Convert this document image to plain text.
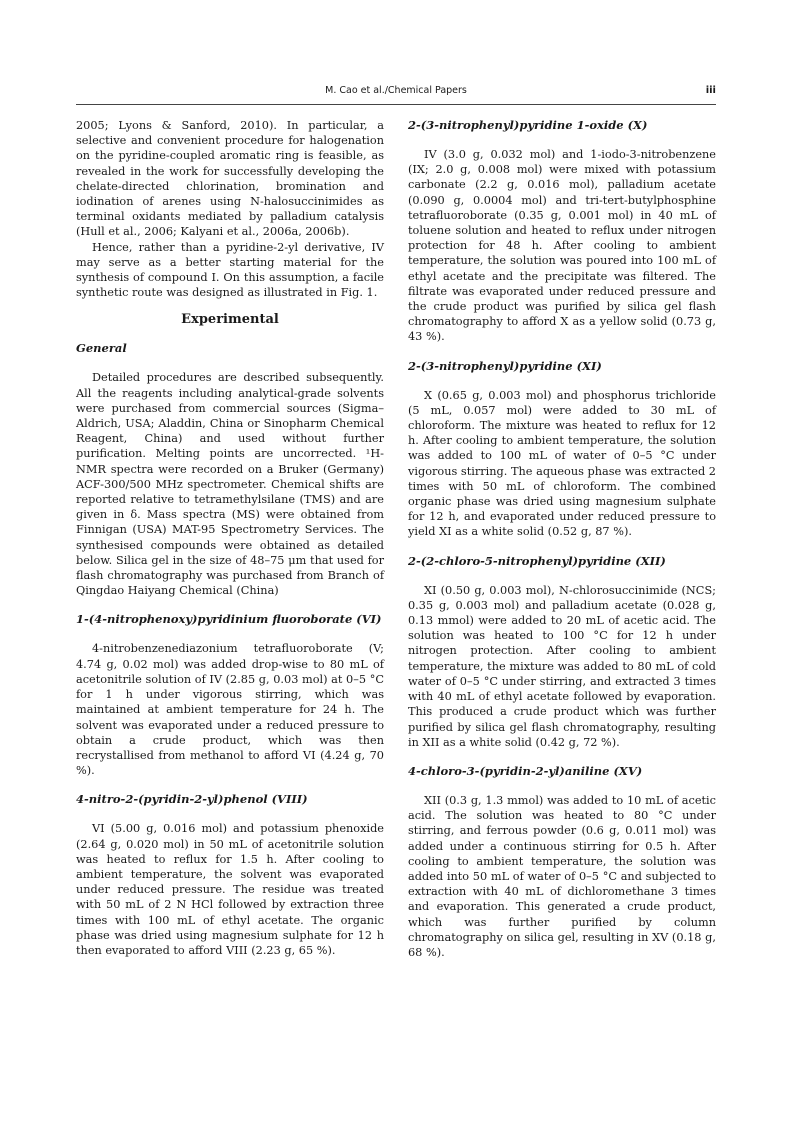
M. Cao et al./Chemical Papers	iii

2005; Lyons & Sanford, 2010). In particular, a selective and convenient procedure for halogenation on the pyridine-coupled aromatic ring is feasible, as revealed in the work for successfully developing the chelate-directed chlorination, bromination and iodination of arenes using N-halosuccinimides as terminal oxidants mediated by palladium catalysis (Hull et al., 2006; Kalyani et al., 2006a, 2006b).

Hence, rather than a pyridine-2-yl derivative, IV may serve as a better starting material for the synthesis of compound I. On this assumption, a facile synthetic route was designed as illustrated in Fig. 1.

Experimental
General

Detailed procedures are described subsequently. All the reagents including analytical-grade solvents were purchased from commercial sources (Sigma–Aldrich, USA; Aladdin, China or Sinopharm Chemical Reagent, China) and used without further purification. Melting points are uncorrected. ¹H-NMR spectra were recorded on a Bruker (Germany) ACF-300/500 MHz spectrometer. Chemical shifts are reported relative to tetramethylsilane (TMS) and are given in δ. Mass spectra (MS) were obtained from Finnigan (USA) MAT-95 Spectrometry Services. The synthesised compounds were obtained as detailed below. Silica gel in the size of 48–75 μm that used for flash chromatography was purchased from Branch of Qingdao Haiyang Chemical (China)

1-(4-nitrophenoxy)pyridinium fluoroborate (VI)

4-nitrobenzenediazonium tetrafluoroborate (V; 4.74 g, 0.02 mol) was added drop-wise to 80 mL of acetonitrile solution of IV (2.85 g, 0.03 mol) at 0–5 °C for 1 h under vigorous stirring, which was maintained at ambient temperature for 24 h. The solvent was evaporated under a reduced pressure to obtain a crude product, which was then recrystallised from methanol to afford VI (4.24 g, 70 %).

4-nitro-2-(pyridin-2-yl)phenol (VIII)

VI (5.00 g, 0.016 mol) and potassium phenoxide (2.64 g, 0.020 mol) in 50 mL of acetonitrile solution was heated to reflux for 1.5 h. After cooling to ambient temperature, the solvent was evaporated under reduced pressure. The residue was treated with 50 mL of 2 N HCl followed by extraction three times with 100 mL of ethyl acetate. The organic phase was dried using magnesium sulphate for 12 h then evaporated to afford VIII (2.23 g, 65 %).

2-(3-nitrophenyl)pyridine 1-oxide (X)

IV (3.0 g, 0.032 mol) and 1-iodo-3-nitrobenzene (IX; 2.0 g, 0.008 mol) were mixed with potassium carbonate (2.2 g, 0.016 mol), palladium acetate (0.090 g, 0.0004 mol) and tri-tert-butylphosphine tetrafluoroborate (0.35 g, 0.001 mol) in 40 mL of toluene solution and heated to reflux under nitrogen protection for 48 h. After cooling to ambient temperature, the solution was poured into 100 mL of ethyl acetate and the precipitate was filtered. The filtrate was evaporated under reduced pressure and the crude product was purified by silica gel flash chromatography to afford X as a yellow solid (0.73 g, 43 %).

2-(3-nitrophenyl)pyridine (XI)

X (0.65 g, 0.003 mol) and phosphorus trichloride (5 mL, 0.057 mol) were added to 30 mL of chloroform. The mixture was heated to reflux for 12 h. After cooling to ambient temperature, the solution was added to 100 mL of water of 0–5 °C under vigorous stirring. The aqueous phase was extracted 2 times with 50 mL of chloroform. The combined organic phase was dried using magnesium sulphate for 12 h, and evaporated under reduced pressure to yield XI as a white solid (0.52 g, 87 %).

2-(2-chloro-5-nitrophenyl)pyridine (XII)

XI (0.50 g, 0.003 mol), N-chlorosuccinimide (NCS; 0.35 g, 0.003 mol) and palladium acetate (0.028 g, 0.13 mmol) were added to 20 mL of acetic acid. The solution was heated to 100 °C for 12 h under nitrogen protection. After cooling to ambient temperature, the mixture was added to 80 mL of cold water of 0–5 °C under stirring, and extracted 3 times with 40 mL of ethyl acetate followed by evaporation. This produced a crude product which was further purified by silica gel flash chromatography, resulting in XII as a white solid (0.42 g, 72 %).

4-chloro-3-(pyridin-2-yl)aniline (XV)

XII (0.3 g, 1.3 mmol) was added to 10 mL of acetic acid. The solution was heated to 80 °C under stirring, and ferrous powder (0.6 g, 0.011 mol) was added under a continuous stirring for 0.5 h. After cooling to ambient temperature, the solution was added into 50 mL of water of 0–5 °C and subjected to extraction with 40 mL of dichloromethane 3 times and evaporation. This generated a crude product, which was further purified by column chromatography on silica gel, resulting in XV (0.18 g, 68 %).
